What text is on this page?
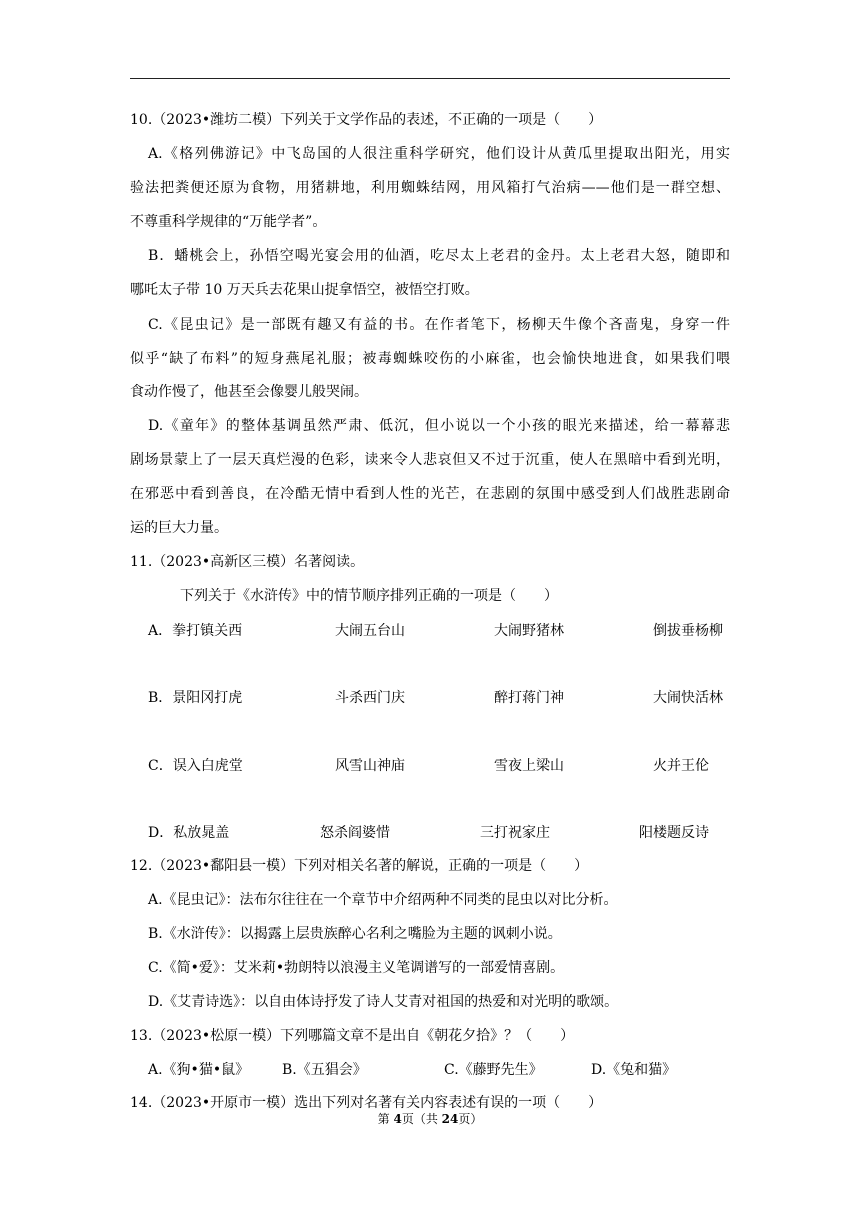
10.（2023•潍坊二模）下列关于文学作品的表述，不正确的一项是（　　）
A.《格列佛游记》中飞岛国的人很注重科学研究，他们设计从黄瓜里提取出阳光，用实
验法把粪便还原为食物，用猪耕地，利用蜘蛛结网，用风箱打气治病——他们是一群空想、
不尊重科学规律的“万能学者”。
B．蟠桃会上，孙悟空喝光宴会用的仙酒，吃尽太上老君的金丹。太上老君大怒，随即和
哪吒太子带 10 万天兵去花果山捉拿悟空，被悟空打败。
C.《昆虫记》是一部既有趣又有益的书。在作者笔下，杨柳天牛像个吝啬鬼，身穿一件
似乎“缺了布料”的短身燕尾礼服；被毒蜘蛛咬伤的小麻雀，也会愉快地进食，如果我们喂
食动作慢了，他甚至会像婴儿般哭闹。
D.《童年》的整体基调虽然严肃、低沉，但小说以一个小孩的眼光来描述，给一幕幕悲
剧场景蒙上了一层天真烂漫的色彩，读来令人悲哀但又不过于沉重，使人在黑暗中看到光明，
在邪恶中看到善良，在冷酷无情中看到人性的光芒，在悲剧的氛围中感受到人们战胜悲剧命
运的巨大力量。
11.（2023•高新区三模）名著阅读。
下列关于《水浒传》中的情节顺序排列正确的一项是（　　）
A．拳打镇关西	大闹五台山	大闹野猪林	倒拔垂杨柳
B．景阳冈打虎	斗杀西门庆	醉打蒋门神	大闹快活林
C．误入白虎堂	风雪山神庙	雪夜上梁山	火并王伦
D．私放晁盖	怒杀阎婆惜	三打祝家庄	阳楼题反诗
12.（2023•鄱阳县一模）下列对相关名著的解说，正确的一项是（　　）
A.《昆虫记》：法布尔往往在一个章节中介绍两种不同类的昆虫以对比分析。
B.《水浒传》：以揭露上层贵族醉心名利之嘴脸为主题的讽刺小说。
C.《简•爱》：艾米莉•勃朗特以浪漫主义笔调谱写的一部爱情喜剧。
D.《艾青诗选》：以自由体诗抒发了诗人艾青对祖国的热爱和对光明的歌颂。
13.（2023•松原一模）下列哪篇文章不是出自《朝花夕拾》？（　　）
A.《狗•猫•鼠》 B.《五猖会》	C.《藤野先生》	D.《兔和猫》
14.（2023•开原市一模）选出下列对名著有关内容表述有误的一项（　　）
第 4页（共 24页）
